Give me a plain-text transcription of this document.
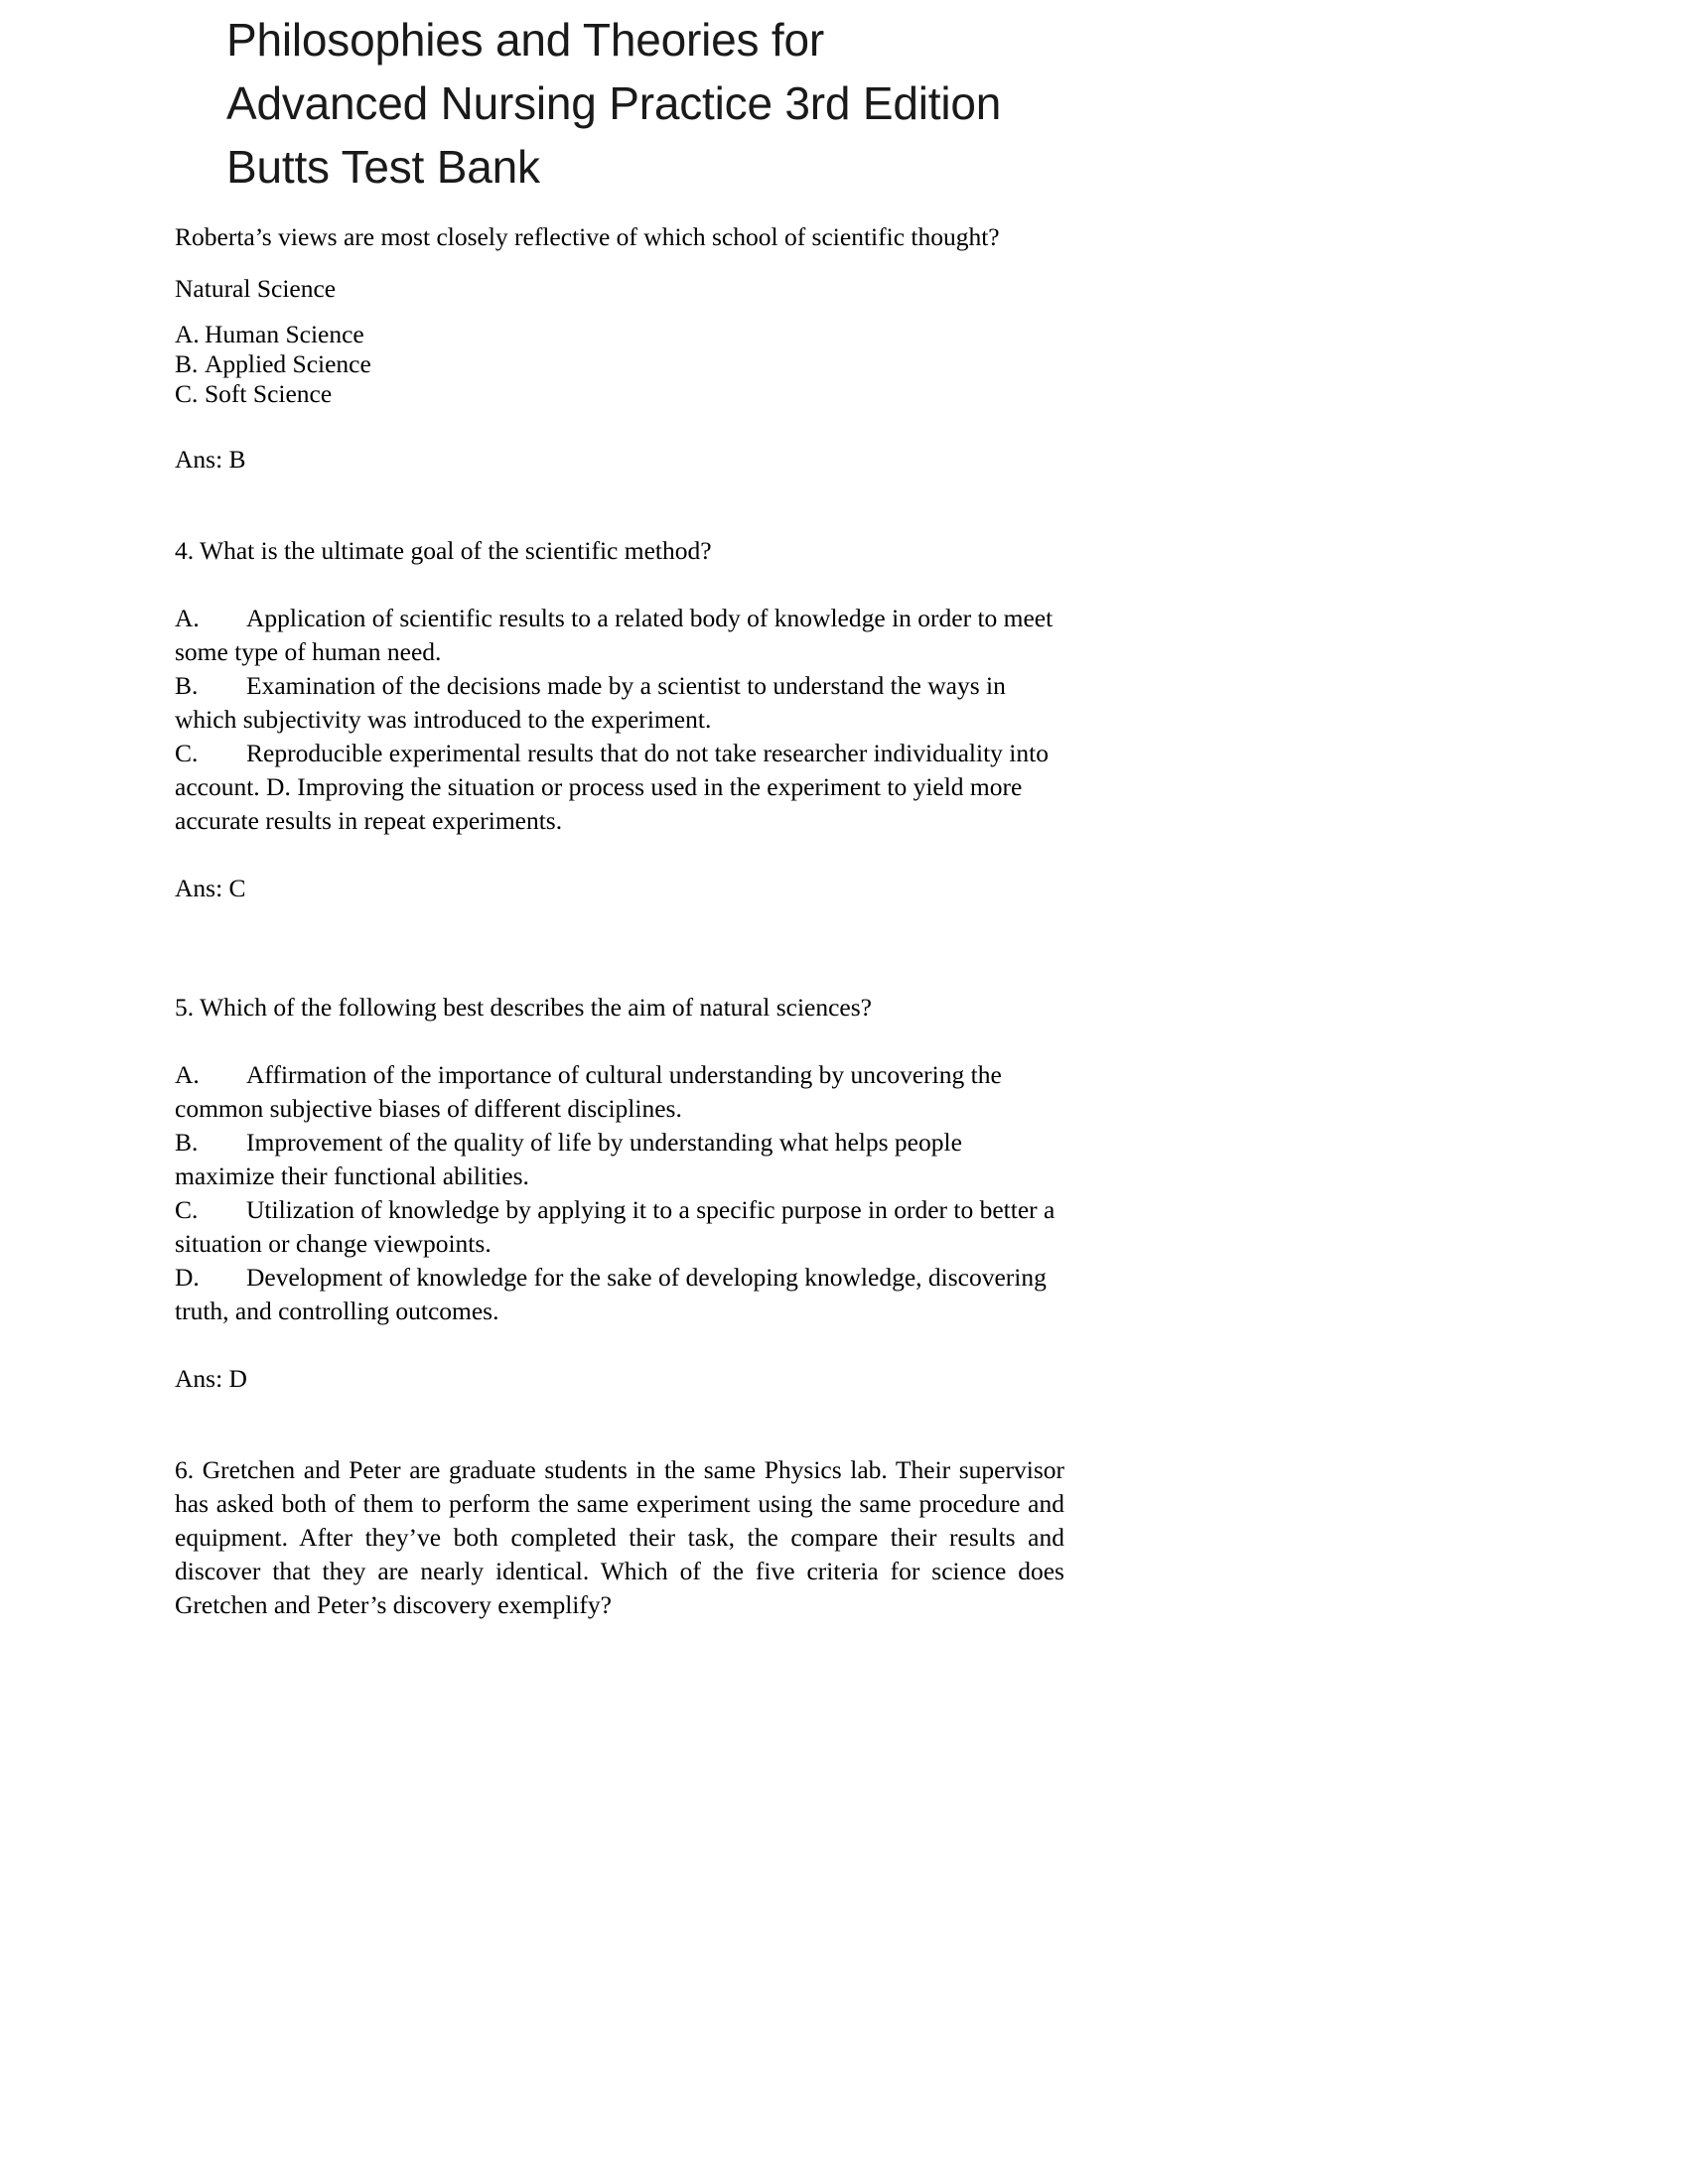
Philosophies and Theories for
Advanced Nursing Practice 3rd Edition
Butts Test Bank

Roberta’s views are most closely reflective of which school of scientific thought?

Natural Science

A. Human Science
B. Applied Science
C. Soft Science

Ans: B

4. What is the ultimate goal of the scientific method?

A. Application of scientific results to a related body of knowledge in order to meet some type of human need.

B. Examination of the decisions made by a scientist to understand the ways in which subjectivity was introduced to the experiment.

C. Reproducible experimental results that do not take researcher individuality into account. D. Improving the situation or process used in the experiment to yield more accurate results in repeat experiments.

Ans: C

5. Which of the following best describes the aim of natural sciences?

A. Affirmation of the importance of cultural understanding by uncovering the common subjective biases of different disciplines.

B. Improvement of the quality of life by understanding what helps people maximize their functional abilities.

C. Utilization of knowledge by applying it to a specific purpose in order to better a situation or change viewpoints.

D. Development of knowledge for the sake of developing knowledge, discovering truth, and controlling outcomes.

Ans: D

6. Gretchen and Peter are graduate students in the same Physics lab. Their supervisor has asked both of them to perform the same experiment using the same procedure and equipment. After they’ve both completed their task, the compare their results and discover that they are nearly identical. Which of the five criteria for science does Gretchen and Peter’s discovery exemplify?
